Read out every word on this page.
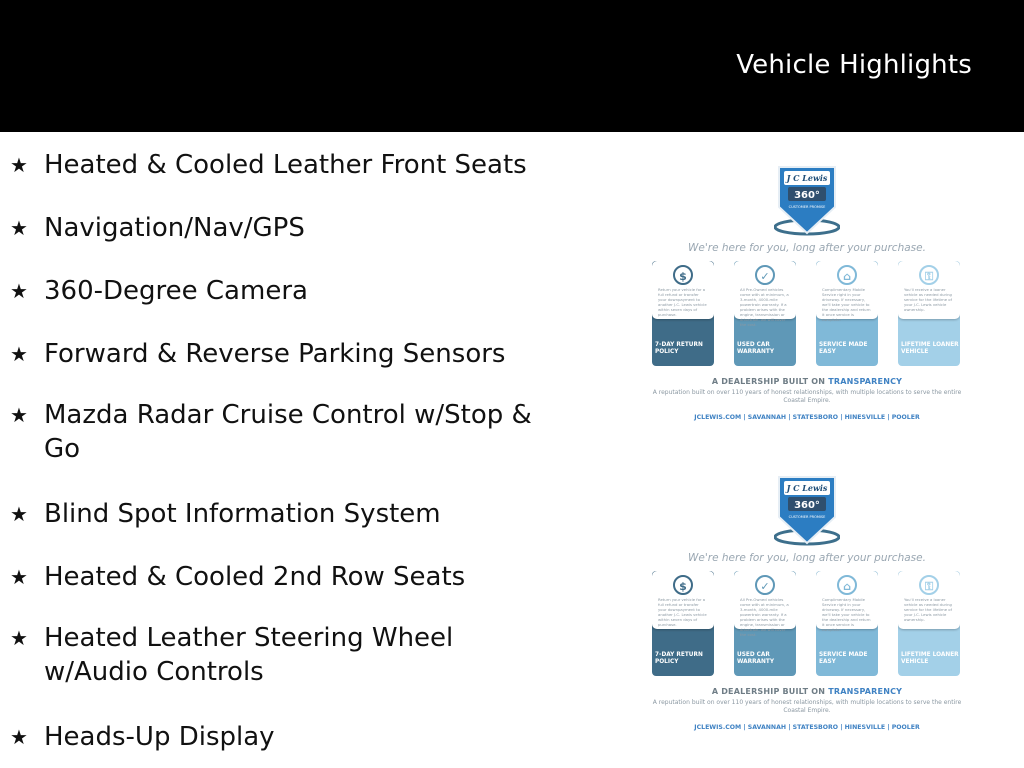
Vehicle Highlights
★ Heated & Cooled Leather Front Seats
★ Navigation/Nav/GPS
★ 360-Degree Camera
★ Forward & Reverse Parking Sensors
★ Mazda Radar Cruise Control w/Stop &
Go
★ Blind Spot Information System
★ Heated & Cooled 2nd Row Seats
★ Heated Leather Steering Wheel
w/Audio Controls
★ Heads-Up Display
J C Lewis
360°
CUSTOMER PROMISE
We're here for you, long after your purchase.
$
Return your vehicle for a full refund or transfer your downpayment to another J.C. Lewis vehicle within seven days of purchase.
7-DAY RETURN POLICY
✓
All Pre-Owned vehicles come with at minimum, a 3-month, 4000-mile powertrain warranty. If a problem arises with the engine, transmission or drivetrain, we will cover the cost.
USED CAR WARRANTY
⌂
Complimentary Mobile Service right in your driveway. If necessary, we'll take your vehicle to the dealership and return it once service is complete.
SERVICE MADE EASY
⚿
You'll receive a loaner vehicle as needed during service for the lifetime of your J.C. Lewis vehicle ownership.
LIFETIME LOANER VEHICLE
A DEALERSHIP BUILT ON TRANSPARENCY
A reputation built on over 110 years of honest relationships, with multiple locations to serve the entire Coastal Empire.
JCLEWIS.COM | SAVANNAH | STATESBORO | HINESVILLE | POOLER
J C Lewis
360°
CUSTOMER PROMISE
We're here for you, long after your purchase.
$
Return your vehicle for a full refund or transfer your downpayment to another J.C. Lewis vehicle within seven days of purchase.
7-DAY RETURN POLICY
✓
All Pre-Owned vehicles come with at minimum, a 3-month, 4000-mile powertrain warranty. If a problem arises with the engine, transmission or drivetrain, we will cover the cost.
USED CAR WARRANTY
⌂
Complimentary Mobile Service right in your driveway. If necessary, we'll take your vehicle to the dealership and return it once service is complete.
SERVICE MADE EASY
⚿
You'll receive a loaner vehicle as needed during service for the lifetime of your J.C. Lewis vehicle ownership.
LIFETIME LOANER VEHICLE
A DEALERSHIP BUILT ON TRANSPARENCY
A reputation built on over 110 years of honest relationships, with multiple locations to serve the entire Coastal Empire.
JCLEWIS.COM | SAVANNAH | STATESBORO | HINESVILLE | POOLER
